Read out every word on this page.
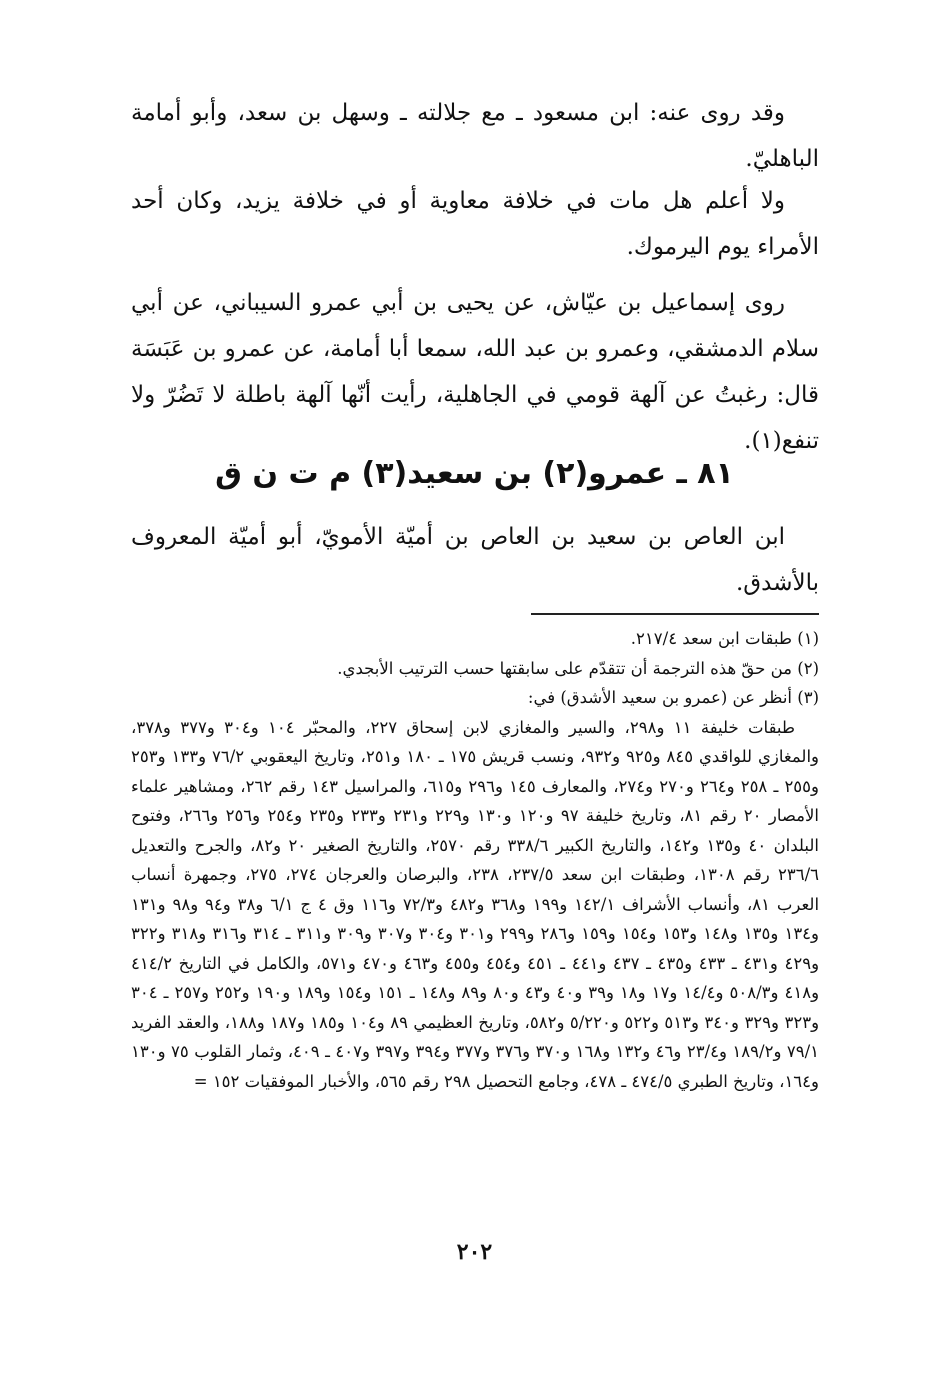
وقد روى عنه: ابن مسعود ـ مع جلالته ـ وسهل بن سعد، وأبو أمامة الباهليّ.

ولا أعلم هل مات في خلافة معاوية أو في خلافة يزيد، وكان أحد الأمراء يوم اليرموك.

روى إسماعيل بن عيّاش، عن يحيى بن أبي عمرو السيباني، عن أبي سلام الدمشقي، وعمرو بن عبد الله، سمعا أبا أمامة، عن عمرو بن عَبَسَة قال: رغبتُ عن آلهة قومي في الجاهلية، رأيت أنّها آلهة باطلة لا تَضُرّ ولا تنفع(١).

٨١ ـ عمرو(٢) بن سعيد(٣) م ت ن ق

ابن العاص بن سعيد بن العاص بن أميّة الأمويّ، أبو أميّة المعروف بالأشدق.

(١) طبقات ابن سعد ٢١٧/٤.

(٢) من حقّ هذه الترجمة أن تتقدّم على سابقتها حسب الترتيب الأبجدي.

(٣) أنظر عن (عمرو بن سعيد الأشدق) في:

طبقات خليفة ١١ و٢٩٨، والسير والمغازي لابن إسحاق ٢٢٧، والمحبّر ١٠٤ و٣٠٤ و٣٧٧ و٣٧٨، والمغازي للواقدي ٨٤٥ و٩٢٥ و٩٣٢، ونسب قريش ١٧٥ ـ ١٨٠ و٢٥١، وتاريخ اليعقوبي ٧٦/٢ و١٣٣ و٢٥٣ و٢٥٥ ـ ٢٥٨ و٢٦٤ و٢٧٠ و٢٧٤، والمعارف ١٤٥ و٢٩٦ و٦١٥، والمراسيل ١٤٣ رقم ٢٦٢، ومشاهير علماء الأمصار ٢٠ رقم ٨١، وتاريخ خليفة ٩٧ و١٢٠ و١٣٠ و٢٢٩ و٢٣١ و٢٣٣ و٢٣٥ و٢٥٤ و٢٥٦ و٢٦٦، وفتوح البلدان ٤٠ و١٣٥ و١٤٢، والتاريخ الكبير ٣٣٨/٦ رقم ٢٥٧٠، والتاريخ الصغير ٢٠ و٨٢، والجرح والتعديل ٢٣٦/٦ رقم ١٣٠٨، وطبقات ابن سعد ٢٣٧/٥، ٢٣٨، والبرصان والعرجان ٢٧٤، ٢٧٥، وجمهرة أنساب العرب ٨١، وأنساب الأشراف ١٤٢/١ و١٩٩ و٣٦٨ و٤٨٢ و٧٢/٣ و١١٦ وق ٤ ج ٦/١ و٣٨ و٩٤ و٩٨ و١٣١ و١٣٤ و١٣٥ و١٤٨ و١٥٣ و١٥٤ و١٥٩ و٢٨٦ و٢٩٩ و٣٠١ و٣٠٤ و٣٠٧ و٣٠٩ و٣١١ ـ ٣١٤ و٣١٦ و٣١٨ و٣٢٢ و٤٢٩ و٤٣١ ـ ٤٣٣ و٤٣٥ ـ ٤٣٧ و٤٤١ ـ ٤٥١ و٤٥٤ و٤٥٥ و٤٦٣ و٤٧٠ و٥٧١، والكامل في التاريخ ٤١٤/٢ و٤١٨ و٥٠٨/٣ و١٤/٤ و١٧ و١٨ و٣٩ و٤٠ و٤٣ و٨٠ و٨٩ و١٤٨ ـ ١٥١ و١٥٤ و١٨٩ و١٩٠ و٢٥٢ و٢٥٧ ـ ٣٠٤ و٣٢٣ و٣٢٩ و٣٤٠ و٥١٣ و٥٢٢ و٥/٢٢٠ و٥٨٢، وتاريخ العظيمي ٨٩ و١٠٤ و١٨٥ و١٨٧ و١٨٨، والعقد الفريد ٧٩/١ و١٨٩/٢ و٢٣/٤ و٤٦ و١٣٢ و١٦٨ و٣٧٠ و٣٧٦ و٣٧٧ و٣٩٤ و٣٩٧ و٤٠٧ ـ ٤٠٩، وثمار القلوب ٧٥ و١٣٠ و١٦٤، وتاريخ الطبري ٤٧٤/٥ ـ ٤٧٨، وجامع التحصيل ٢٩٨ رقم ٥٦٥، والأخبار الموفقيات ١٥٢ =

٢٠٢
